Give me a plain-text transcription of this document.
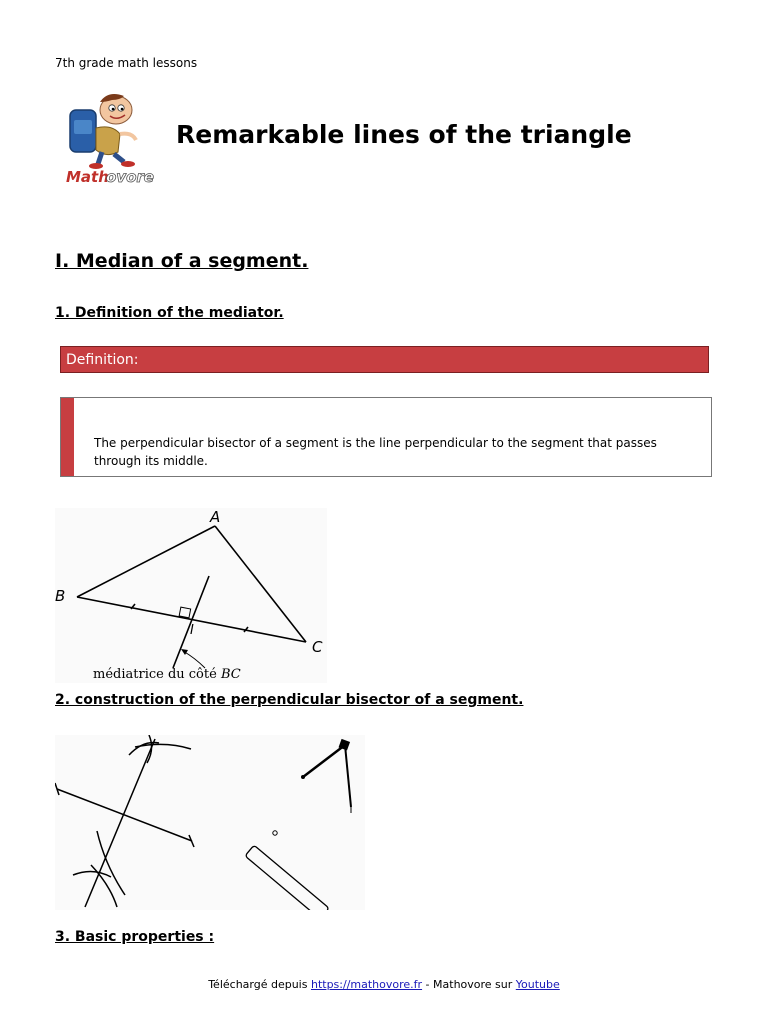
7th grade math lessons
Math
ovore
Remarkable lines of the triangle
I. Median of a segment.
1. Definition of the mediator.
Definition:
The perpendicular bisector of a segment is the line perpendicular to the segment that passes through its middle.
A
B
C
I
médiatrice du côté BC
2. construction of the perpendicular bisector of a segment.
3. Basic properties :
Téléchargé depuis https://mathovore.fr - Mathovore sur Youtube
